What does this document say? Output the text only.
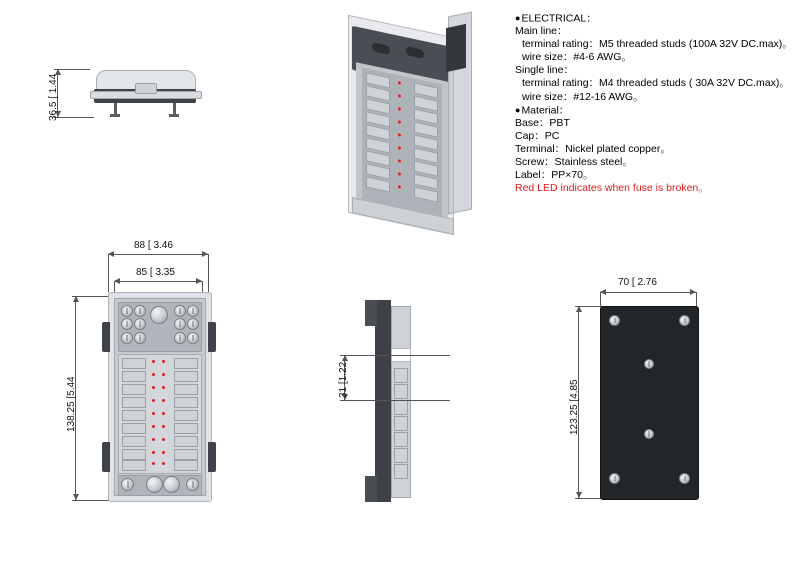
●ELECTRICAL：
Main line：
terminal rating：M5 threaded studs (100A 32V DC.max)。
wire size：#4-6 AWG。
Single line：
terminal rating：M4 threaded studs ( 30A 32V DC.max)。
wire size：#12-16 AWG。
●Material：
Base：PBT
Cap：PC
Terminal：Nickel plated copper。
Screw：Stainless steel。
Label：PP×70。
Red LED indicates when fuse is broken。
36.5 [ 1.44
88 [ 3.46
85 [ 3.35
138.25 [5.44	31 [1.22
70 [ 2.76
123.25 [4.85
